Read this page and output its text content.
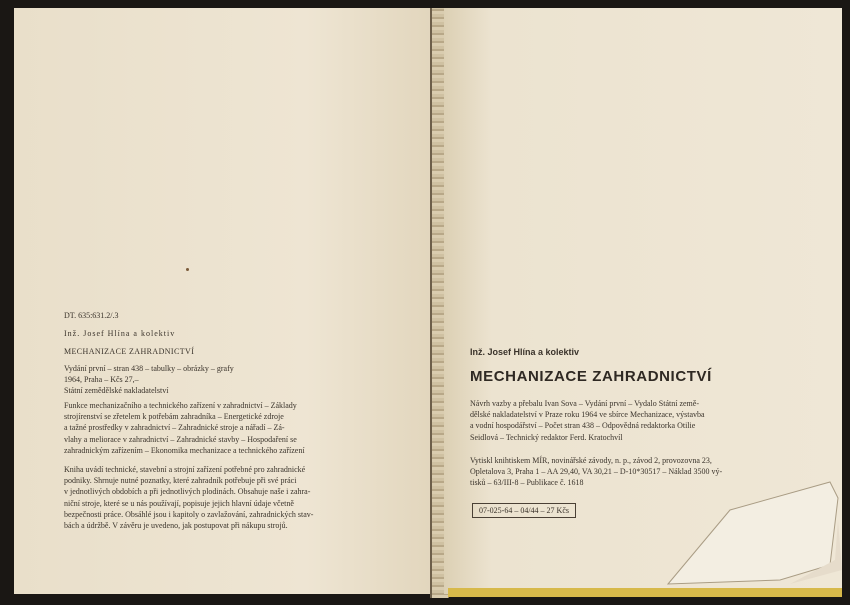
DT. 635:631.2/.3

Inž. Josef Hlína a kolektiv

MECHANIZACE ZAHRADNICTVÍ

Vydání první – stran 438 – tabulky – obrázky – grafy

1964, Praha – Kčs 27,–

Státní zemědělské nakladatelství

Funkce mechanizačního a technického zařízení v zahradnictví – Základy

strojírenství se zřetelem k potřebám zahradníka – Energetické zdroje

a tažné prostředky v zahradnictví – Zahradnické stroje a nářadí – Zá-

vlahy a meliorace v zahradnictví – Zahradnické stavby – Hospodaření se

zahradnickým zařízením – Ekonomika mechanizace a technického zařízení

Kniha uvádí technické, stavební a strojní zařízení potřebné pro zahradnické

podniky. Shrnuje nutné poznatky, které zahradník potřebuje při své práci

v jednotlivých obdobích a při jednotlivých plodinách. Obsahuje naše i zahra-

niční stroje, které se u nás používají, popisuje jejich hlavní údaje včetně

bezpečnosti práce. Obsáhlé jsou i kapitoly o zavlažování, zahradnických stav-

bách a údržbě. V závěru je uvedeno, jak postupovat při nákupu strojů.

Inž. Josef Hlína a kolektiv

MECHANIZACE ZAHRADNICTVÍ

Návrh vazby a přebalu Ivan Sova – Vydání první – Vydalo Státní země-

dělské nakladatelství v Praze roku 1964 ve sbírce Mechanizace, výstavba

a vodní hospodářství – Počet stran 438 – Odpovědná redaktorka Otilie

Seidlová – Technický redaktor Ferd. Kratochvíl

Vytiskl knihtiskem MÍR, novinářské závody, n. p., závod 2, provozovna 23,

Opletalova 3, Praha 1 – AA 29,40, VA 30,21 – D-10*30517 – Náklad 3500 vý-

tisků – 63/III-8 – Publikace č. 1618

07-025-64 – 04/44 – 27 Kčs
